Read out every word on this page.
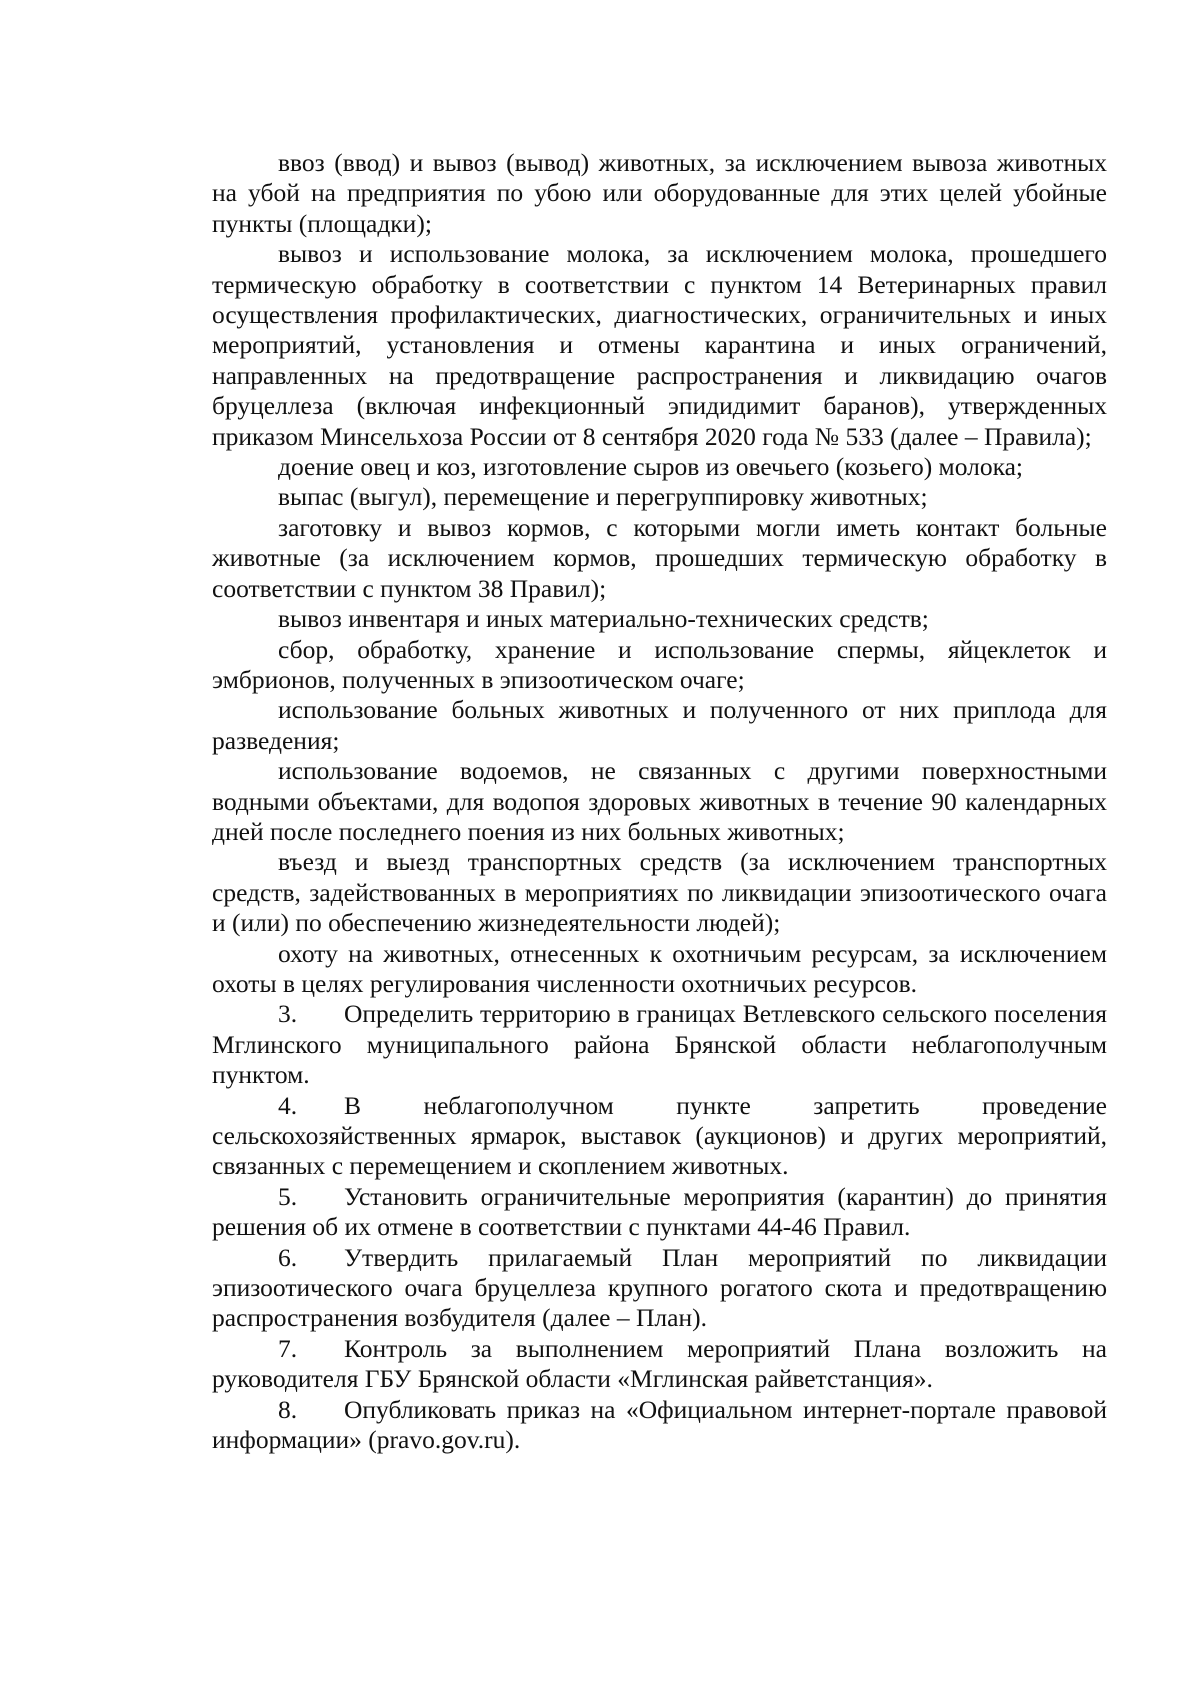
ввоз (ввод) и вывоз (вывод) животных, за исключением вывоза животных на убой на предприятия по убою или оборудованные для этих целей убойные пункты (площадки);

вывоз и использование молока, за исключением молока, прошедшего термическую обработку в соответствии с пунктом 14 Ветеринарных правил осуществления профилактических, диагностических, ограничительных и иных мероприятий, установления и отмены карантина и иных ограничений, направленных на предотвращение распространения и ликвидацию очагов бруцеллеза (включая инфекционный эпидидимит баранов), утвержденных приказом Минсельхоза России от 8 сентября 2020 года № 533 (далее – Правила);

доение овец и коз, изготовление сыров из овечьего (козьего) молока;

выпас (выгул), перемещение и перегруппировку животных;

заготовку и вывоз кормов, с которыми могли иметь контакт больные животные (за исключением кормов, прошедших термическую обработку в соответствии с пунктом 38 Правил);

вывоз инвентаря и иных материально-технических средств;

сбор, обработку, хранение и использование спермы, яйцеклеток и эмбрионов, полученных в эпизоотическом очаге;

использование больных животных и полученного от них приплода для разведения;

использование водоемов, не связанных с другими поверхностными водными объектами, для водопоя здоровых животных в течение 90 календарных дней после последнего поения из них больных животных;

въезд и выезд транспортных средств (за исключением транспортных средств, задействованных в мероприятиях по ликвидации эпизоотического очага и (или) по обеспечению жизнедеятельности людей);

охоту на животных, отнесенных к охотничьим ресурсам, за исключением охоты в целях регулирования численности охотничьих ресурсов.

3. Определить территорию в границах Ветлевского сельского поселения Мглинского муниципального района Брянской области неблагополучным пунктом.

4. В неблагополучном пункте запретить проведение сельскохозяйственных ярмарок, выставок (аукционов) и других мероприятий, связанных с перемещением и скоплением животных.

5. Установить ограничительные мероприятия (карантин) до принятия решения об их отмене в соответствии с пунктами 44-46 Правил.

6. Утвердить прилагаемый План мероприятий по ликвидации эпизоотического очага бруцеллеза крупного рогатого скота и предотвращению распространения возбудителя (далее – План).

7. Контроль за выполнением мероприятий Плана возложить на руководителя ГБУ Брянской области «Мглинская райветстанция».

8. Опубликовать приказ на «Официальном интернет-портале правовой информации» (pravo.gov.ru).
